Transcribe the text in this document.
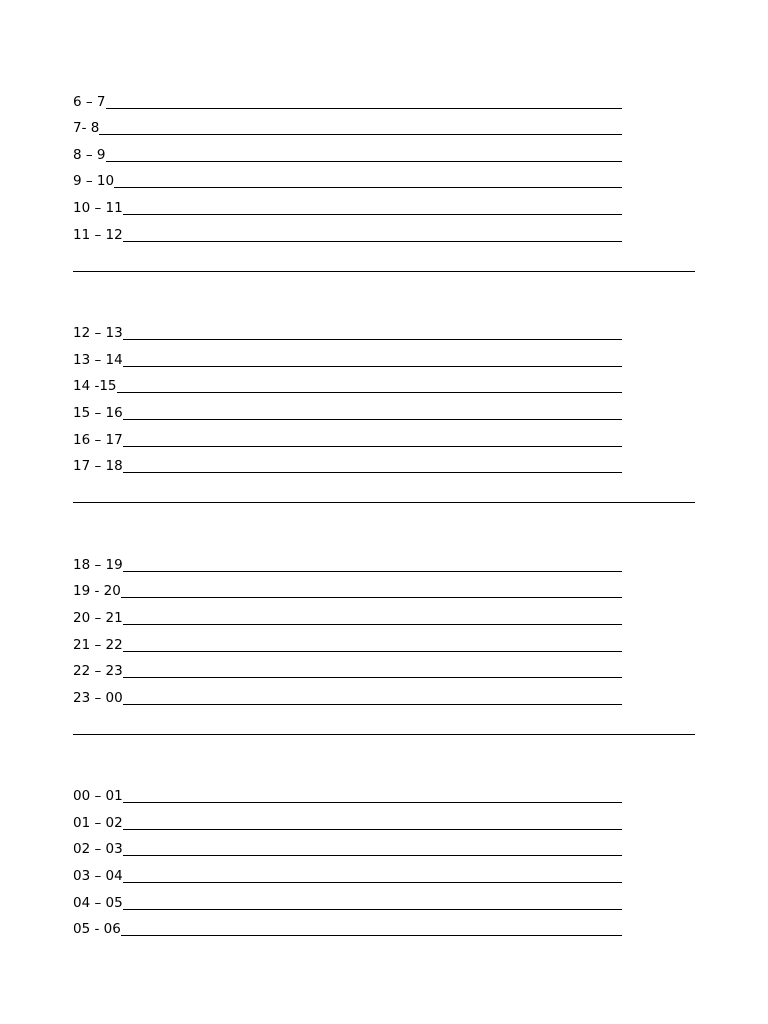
6 – 7
7- 8
8 – 9
9 – 10
10 – 11
11 – 12
12 – 13
13 – 14
14 -15
15 – 16
16 – 17
17 – 18
18 – 19
19 - 20
20 – 21
21 – 22
22 – 23
23 – 00
00 – 01
01 – 02
02 – 03
03 – 04
04 – 05
05 - 06
